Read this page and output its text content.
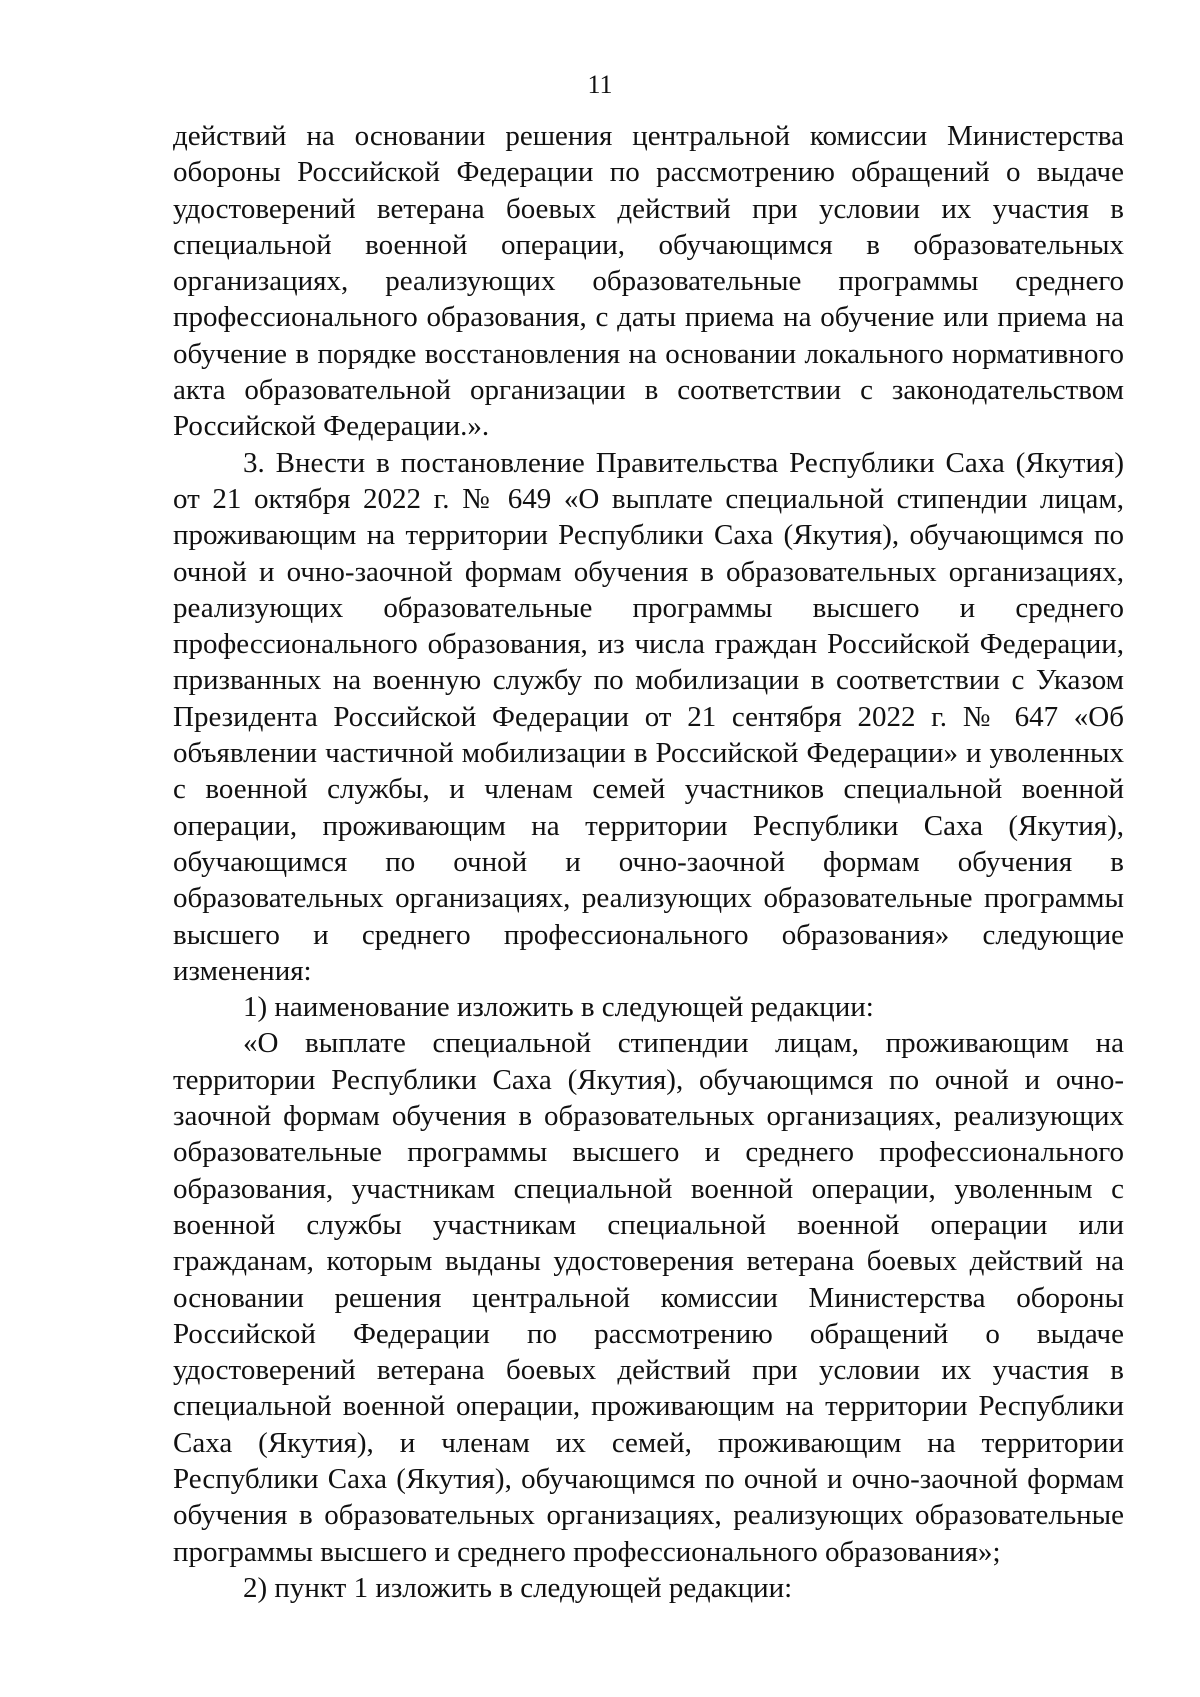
11

действий на основании решения центральной комиссии Министерства обороны Российской Федерации по рассмотрению обращений о выдаче удостоверений ветерана боевых действий при условии их участия в специальной военной операции, обучающимся в образовательных организациях, реализующих образовательные программы среднего профессионального образования, с даты приема на обучение или приема на обучение в порядке восстановления на основании локального нормативного акта образовательной организации в соответствии с законодательством Российской Федерации.».

3. Внести в постановление Правительства Республики Саха (Якутия) от 21 октября 2022 г. № 649 «О выплате специальной стипендии лицам, проживающим на территории Республики Саха (Якутия), обучающимся по очной и очно-заочной формам обучения в образовательных организациях, реализующих образовательные программы высшего и среднего профессионального образования, из числа граждан Российской Федерации, призванных на военную службу по мобилизации в соответствии с Указом Президента Российской Федерации от 21 сентября 2022 г. № 647 «Об объявлении частичной мобилизации в Российской Федерации» и уволенных с военной службы, и членам семей участников специальной военной операции, проживающим на территории Республики Саха (Якутия), обучающимся по очной и очно-заочной формам обучения в образовательных организациях, реализующих образовательные программы высшего и среднего профессионального образования» следующие изменения:

1) наименование изложить в следующей редакции:

«О выплате специальной стипендии лицам, проживающим на территории Республики Саха (Якутия), обучающимся по очной и очно-заочной формам обучения в образовательных организациях, реализующих образовательные программы высшего и среднего профессионального образования, участникам специальной военной операции, уволенным с военной службы участникам специальной военной операции или гражданам, которым выданы удостоверения ветерана боевых действий на основании решения центральной комиссии Министерства обороны Российской Федерации по рассмотрению обращений о выдаче удостоверений ветерана боевых действий при условии их участия в специальной военной операции, проживающим на территории Республики Саха (Якутия), и членам их семей, проживающим на территории Республики Саха (Якутия), обучающимся по очной и очно-заочной формам обучения в образовательных организациях, реализующих образовательные программы высшего и среднего профессионального образования»;

2) пункт 1 изложить в следующей редакции:
